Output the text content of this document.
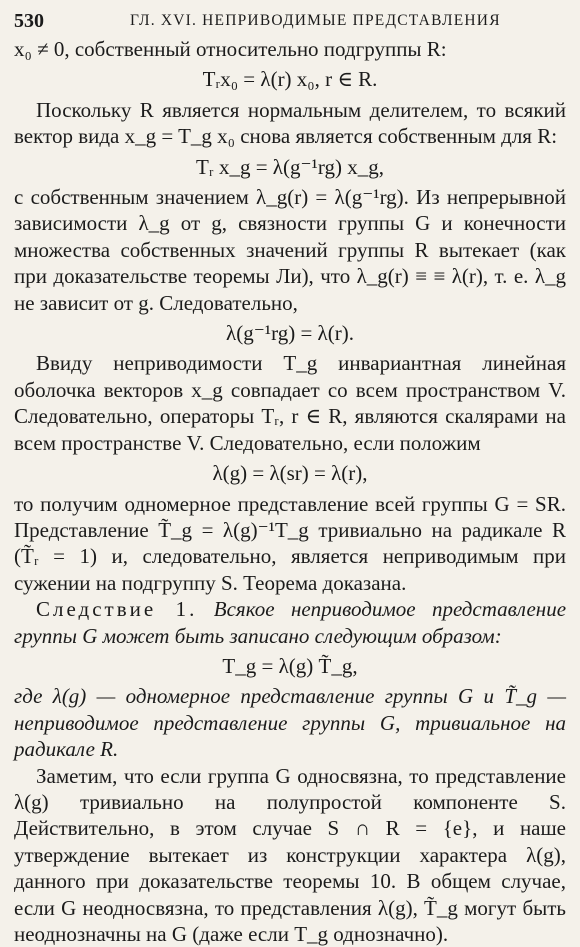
530	ГЛ. XVI. НЕПРИВОДИМЫЕ ПРЕДСТАВЛЕНИЯ

x₀ ≠ 0, собственный относительно подгруппы R:

Tᵣx₀ = λ(r) x₀, r ∈ R.

Поскольку R является нормальным делителем, то всякий вектор вида x_g = T_g x₀ снова является собственным для R:

Tᵣ x_g = λ(g⁻¹rg) x_g,

с собственным значением λ_g(r) = λ(g⁻¹rg). Из непрерывной зависимости λ_g от g, связности группы G и конечности множества собственных значений группы R вытекает (как при доказательстве теоремы Ли), что λ_g(r) ≡ ≡ λ(r), т. е. λ_g не зависит от g. Следовательно,

λ(g⁻¹rg) = λ(r).

Ввиду неприводимости T_g инвариантная линейная оболочка векторов x_g совпадает со всем пространством V. Следовательно, операторы Tᵣ, r ∈ R, являются скалярами на всем пространстве V. Следовательно, если положим

λ(g) = λ(sr) = λ(r),

то получим одномерное представление всей группы G = SR. Представление T̃_g = λ(g)⁻¹T_g тривиально на радикале R (T̃ᵣ = 1) и, следовательно, является неприводимым при сужении на подгруппу S. Теорема доказана.

Следствие 1. Всякое неприводимое представление группы G может быть записано следующим образом:

T_g = λ(g) T̃_g,

где λ(g) — одномерное представление группы G и T̃_g — неприводимое представление группы G, тривиальное на радикале R.

Заметим, что если группа G односвязна, то представление λ(g) тривиально на полупростой компоненте S. Действительно, в этом случае S ∩ R = {e}, и наше утверждение вытекает из конструкции характера λ(g), данного при доказательстве теоремы 10. В общем случае, если G неодносвязна, то представления λ(g), T̃_g могут быть неоднозначны на G (даже если T_g однозначно).
